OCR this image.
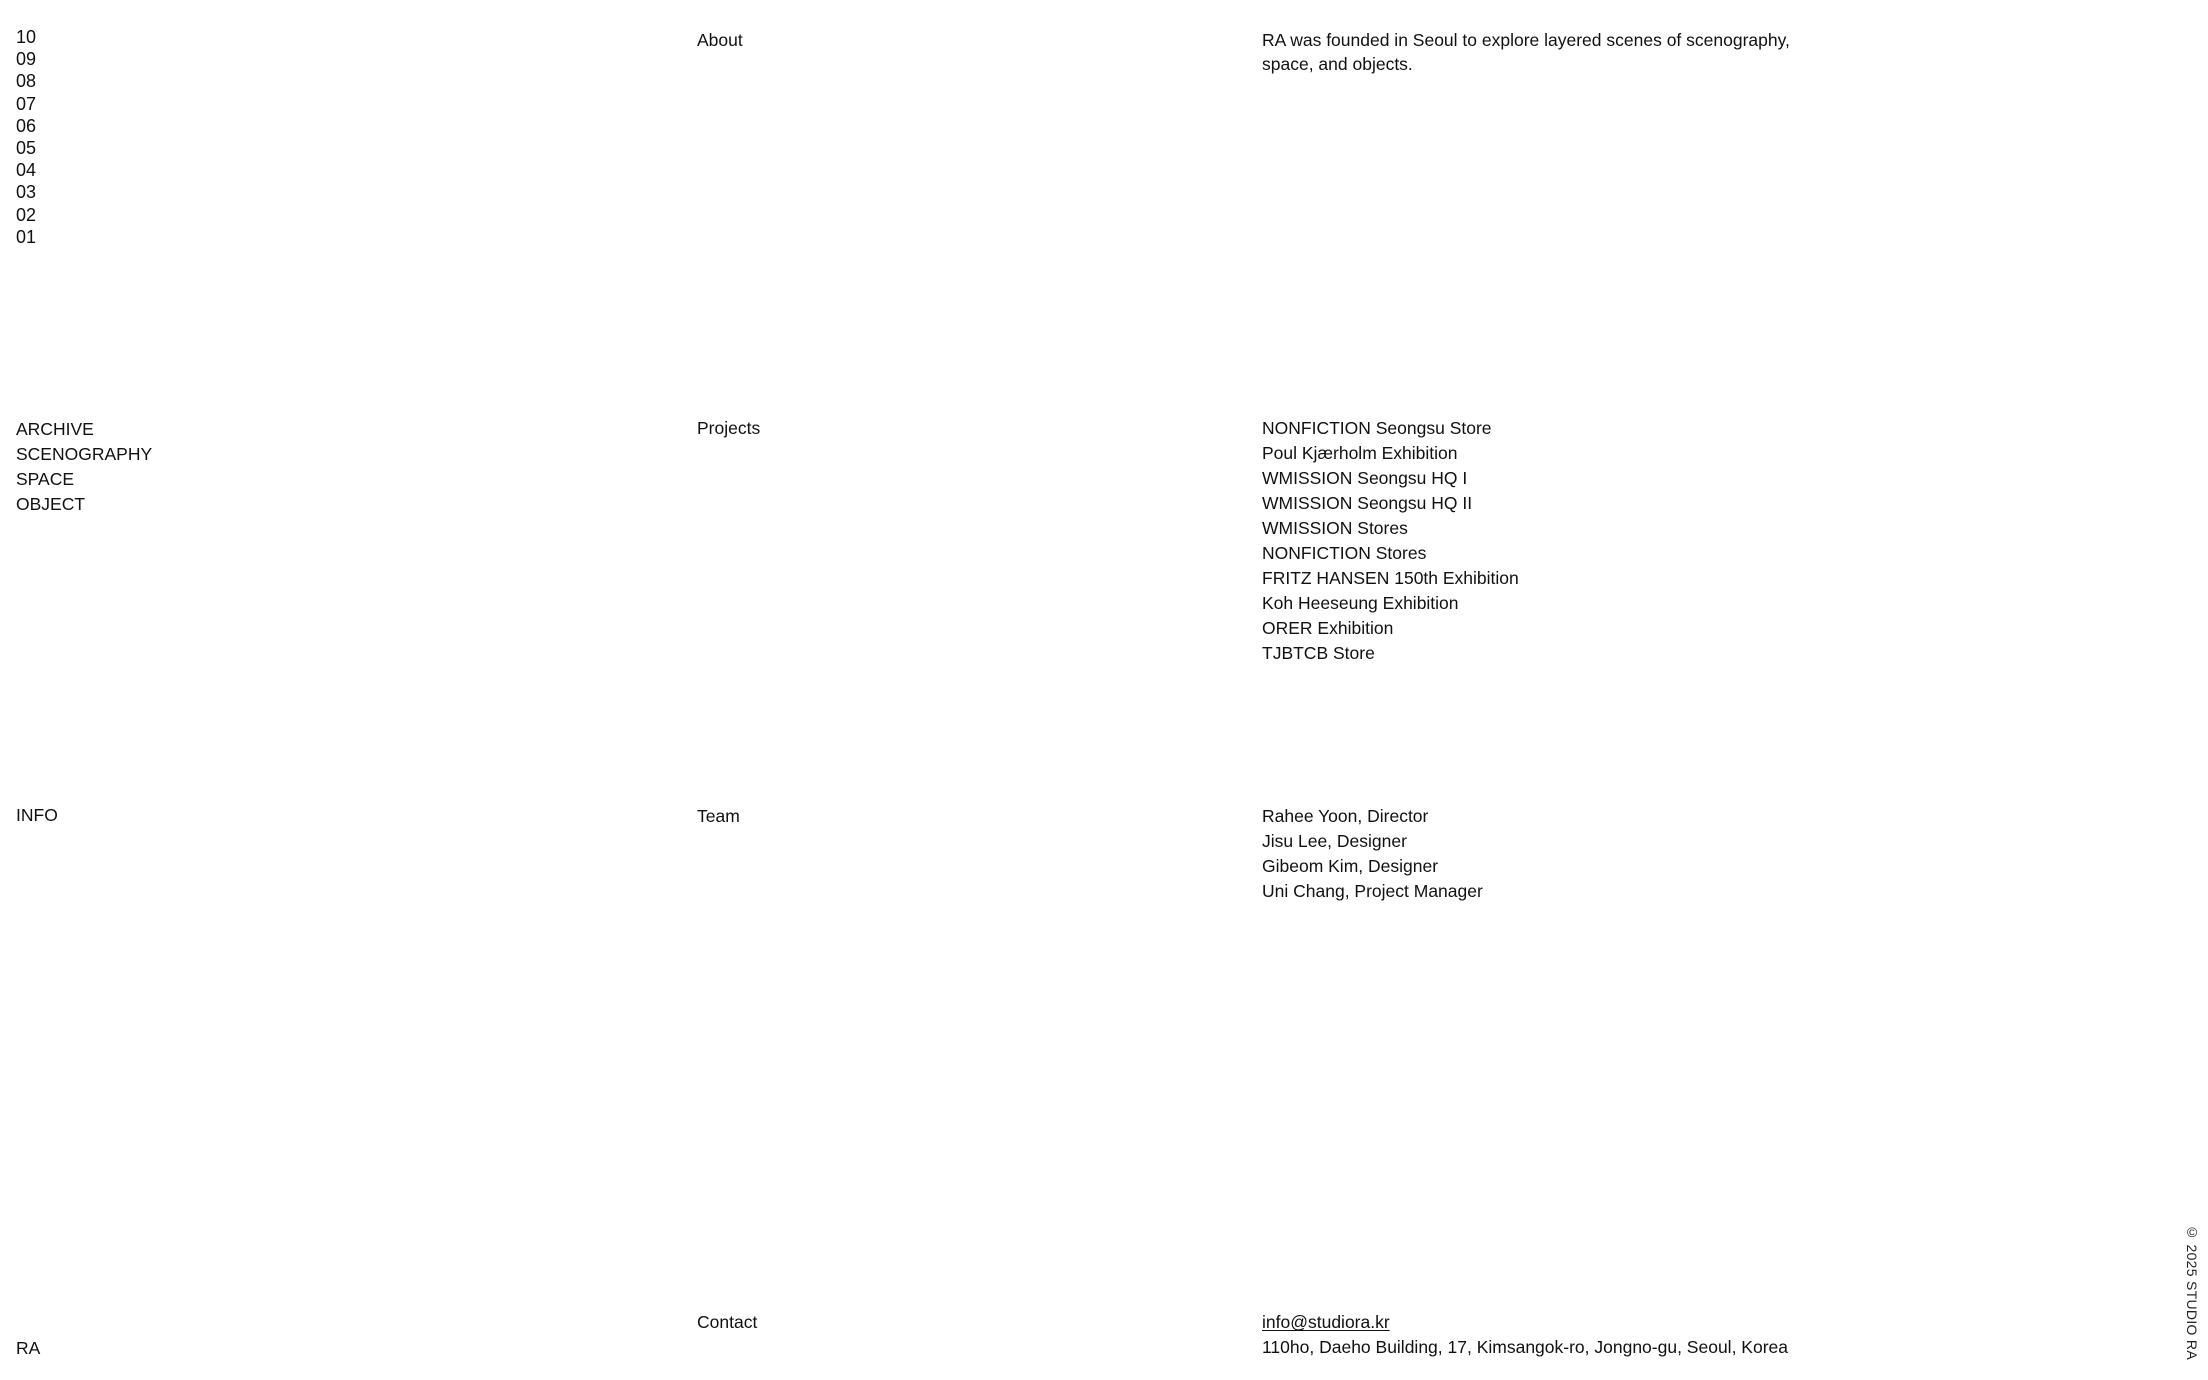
10
09
08
07
06
05
04
03
02
01
ARCHIVE
SCENOGRAPHY
SPACE
OBJECT
INFO
RA
About
Projects
Team
Contact
RA was founded in Seoul to explore layered scenes of scenography, space, and objects.
NONFICTION Seongsu Store
Poul Kjærholm Exhibition
WMISSION Seongsu HQ I
WMISSION Seongsu HQ II
WMISSION Stores
NONFICTION Stores
FRITZ HANSEN 150th Exhibition
Koh Heeseung Exhibition
ORER Exhibition
TJBTCB Store
Rahee Yoon, Director
Jisu Lee, Designer
Gibeom Kim, Designer
Uni Chang, Project Manager
info@studiora.kr
110ho, Daeho Building, 17, Kimsangok-ro, Jongno-gu, Seoul, Korea	© 2025 STUDIO RA
